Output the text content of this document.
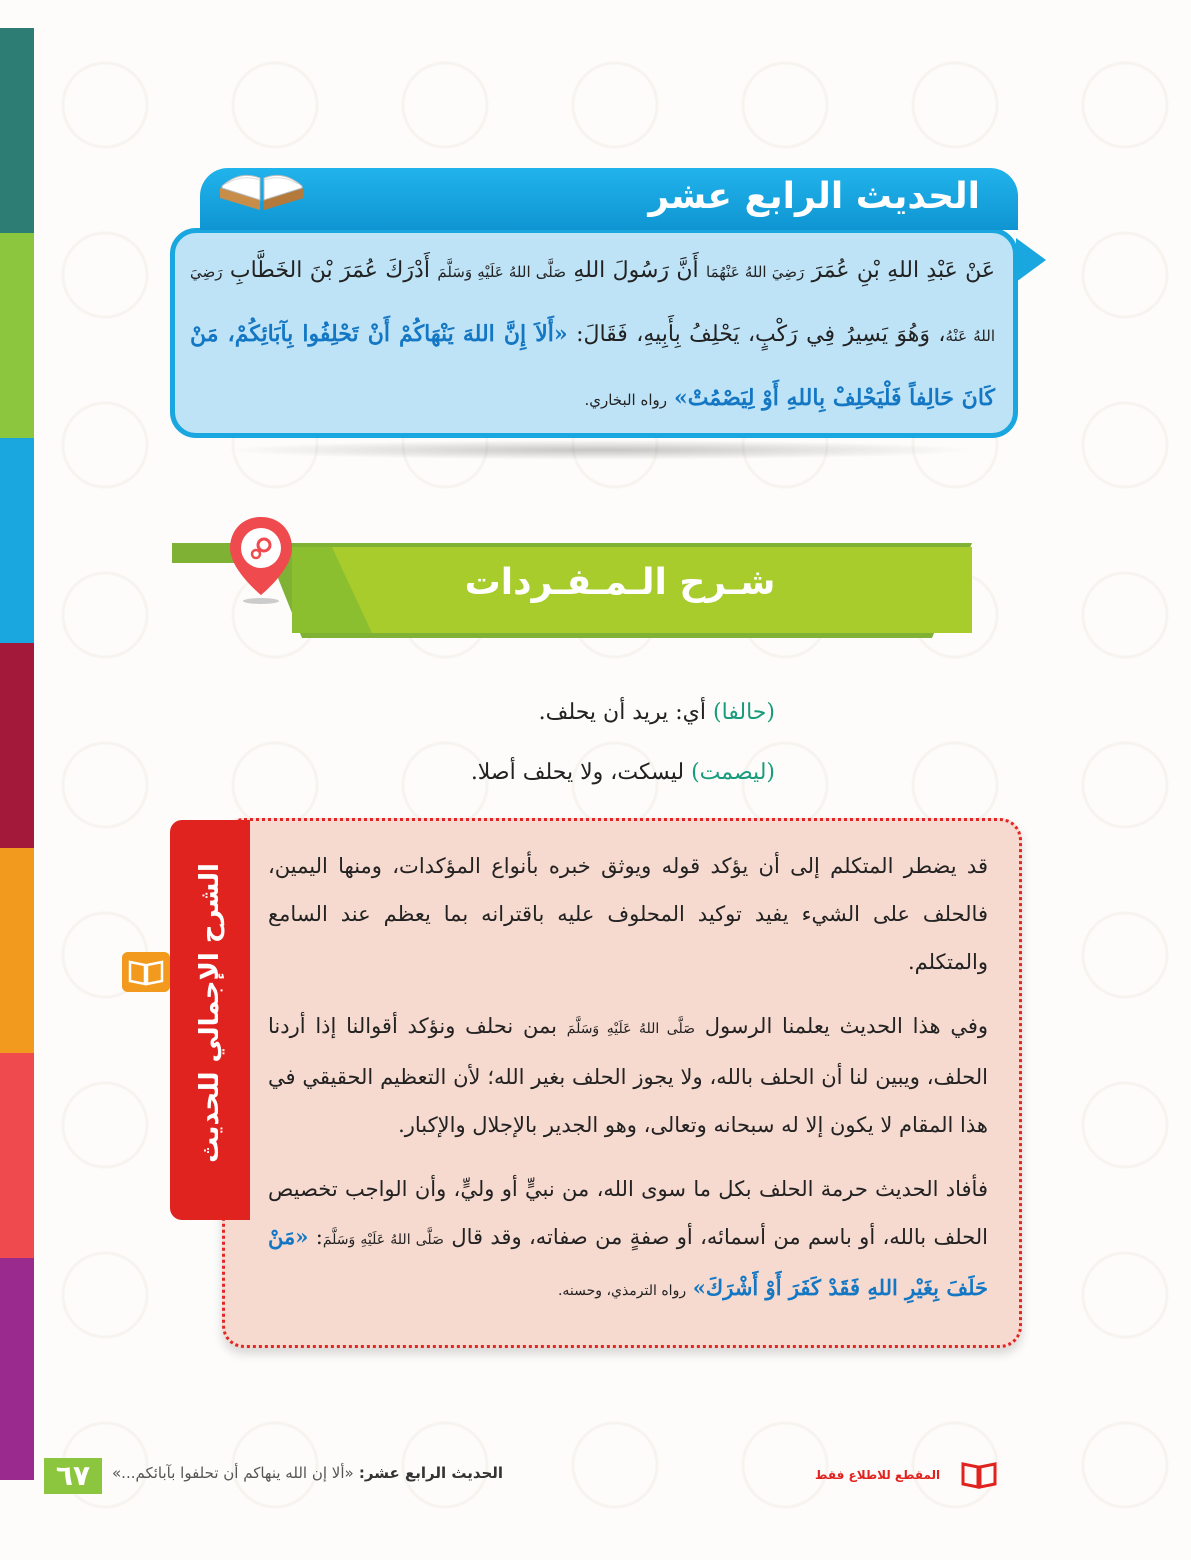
الحديث الرابع عشر
عَنْ عَبْدِ اللهِ بْنِ عُمَرَ رَضِيَ اللهُ عَنْهُمَا أَنَّ رَسُولَ اللهِ صَلَّى اللهُ عَلَيْهِ وَسَلَّمَ أَدْرَكَ عُمَرَ بْنَ الخَطَّابِ رَضِيَ اللهُ عَنْهُ، وَهُوَ يَسِيرُ فِي رَكْبٍ، يَحْلِفُ بِأَبِيهِ، فَقَالَ: «أَلاَ إِنَّ اللهَ يَنْهَاكُمْ أَنْ تَحْلِفُوا بِآبَائِكُمْ، مَنْ كَانَ حَالِفاً فَلْيَحْلِفْ بِاللهِ أَوْ لِيَصْمُتْ» رواه البخاري.
شـرح الـمـفـردات
(حالفا) أي: يريد أن يحلف.
(ليصمت) ليسكت، ولا يحلف أصلا.
الشرح الإجمالي للحديث قد يضطر المتكلم إلى أن يؤكد قوله ويوثق خبره بأنواع المؤكدات، ومنها اليمين، فالحلف على الشيء يفيد توكيد المحلوف عليه باقترانه بما يعظم عند السامع والمتكلم.

وفي هذا الحديث يعلمنا الرسول صَلَّى اللهُ عَلَيْهِ وَسَلَّمَ بمن نحلف ونؤكد أقوالنا إذا أردنا الحلف، ويبين لنا أن الحلف بالله، ولا يجوز الحلف بغير الله؛ لأن التعظيم الحقيقي في هذا المقام لا يكون إلا له سبحانه وتعالى، وهو الجدير بالإجلال والإكبار.

فأفاد الحديث حرمة الحلف بكل ما سوى الله، من نبيٍّ أو وليٍّ، وأن الواجب تخصيص الحلف بالله، أو باسم من أسمائه، أو صفةٍ من صفاته، وقد قال صَلَّى اللهُ عَلَيْهِ وَسَلَّمَ: «مَنْ حَلَفَ بِغَيْرِ اللهِ فَقَدْ كَفَرَ أَوْ أَشْرَكَ» رواه الترمذي، وحسنه.

٦٧	الحديث الرابع عشر: «ألا إن الله ينهاكم أن تحلفوا بآبائكم...»	المقطع للاطلاع فقط
